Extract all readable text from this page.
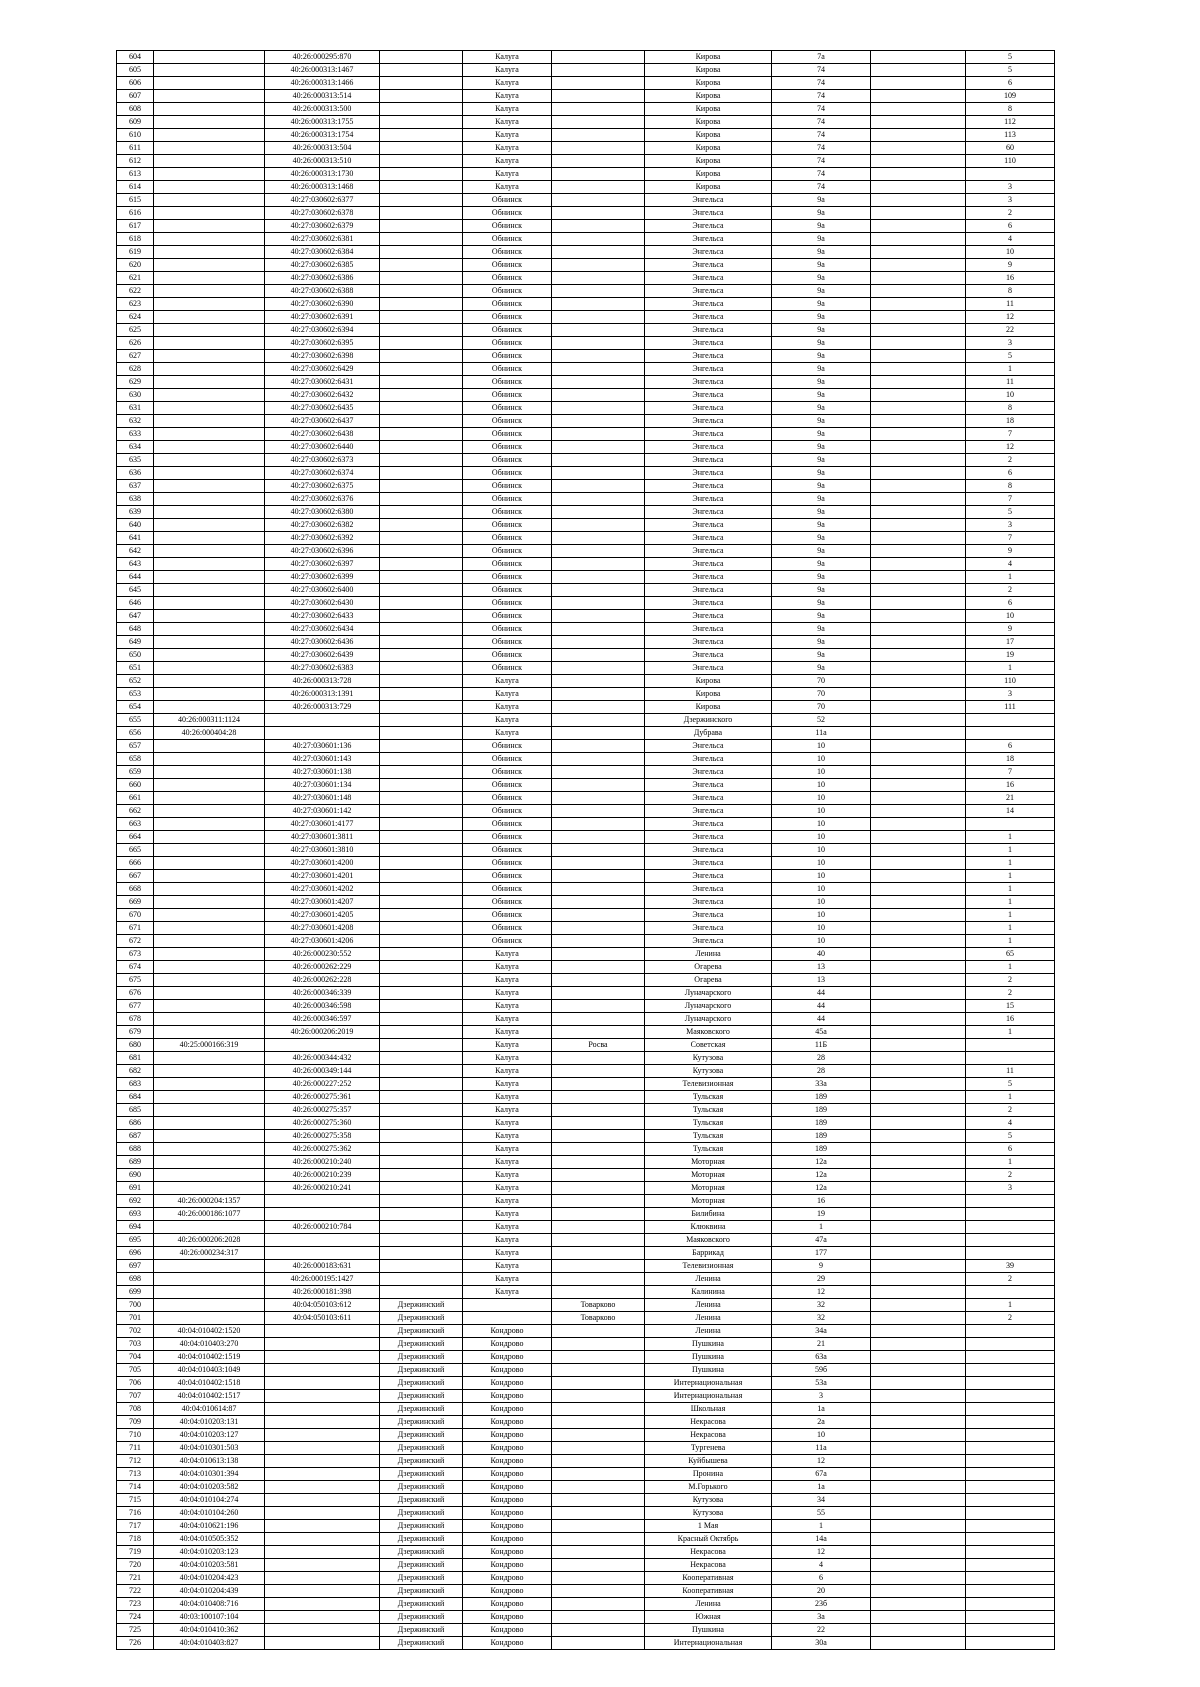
604		40:26:000295:870		Калуга		Кирова	7а		5
605		40:26:000313:1467		Калуга		Кирова	74		5
606		40:26:000313:1466		Калуга		Кирова	74		6
607		40:26:000313:514		Калуга		Кирова	74		109
608		40:26:000313:500		Калуга		Кирова	74		8
609		40:26:000313:1755		Калуга		Кирова	74		112
610		40:26:000313:1754		Калуга		Кирова	74		113
611		40:26:000313:504		Калуга		Кирова	74		60
612		40:26:000313:510		Калуга		Кирова	74		110
613		40:26:000313:1730		Калуга		Кирова	74		
614		40:26:000313:1468		Калуга		Кирова	74		3
615		40:27:030602:6377		Обнинск		Энгельса	9а		3
616		40:27:030602:6378		Обнинск		Энгельса	9а		2
617		40:27:030602:6379		Обнинск		Энгельса	9а		6
618		40:27:030602:6381		Обнинск		Энгельса	9а		4
619		40:27:030602:6384		Обнинск		Энгельса	9а		10
620		40:27:030602:6385		Обнинск		Энгельса	9а		9
621		40:27:030602:6386		Обнинск		Энгельса	9а		16
622		40:27:030602:6388		Обнинск		Энгельса	9а		8
623		40:27:030602:6390		Обнинск		Энгельса	9а		11
624		40:27:030602:6391		Обнинск		Энгельса	9а		12
625		40:27:030602:6394		Обнинск		Энгельса	9а		22
626		40:27:030602:6395		Обнинск		Энгельса	9а		3
627		40:27:030602:6398		Обнинск		Энгельса	9а		5
628		40:27:030602:6429		Обнинск		Энгельса	9а		1
629		40:27:030602:6431		Обнинск		Энгельса	9а		11
630		40:27:030602:6432		Обнинск		Энгельса	9а		10
631		40:27:030602:6435		Обнинск		Энгельса	9а		8
632		40:27:030602:6437		Обнинск		Энгельса	9а		18
633		40:27:030602:6438		Обнинск		Энгельса	9а		7
634		40:27:030602:6440		Обнинск		Энгельса	9а		12
635		40:27:030602:6373		Обнинск		Энгельса	9а		2
636		40:27:030602:6374		Обнинск		Энгельса	9а		6
637		40:27:030602:6375		Обнинск		Энгельса	9а		8
638		40:27:030602:6376		Обнинск		Энгельса	9а		7
639		40:27:030602:6380		Обнинск		Энгельса	9а		5
640		40:27:030602:6382		Обнинск		Энгельса	9а		3
641		40:27:030602:6392		Обнинск		Энгельса	9а		7
642		40:27:030602:6396		Обнинск		Энгельса	9а		9
643		40:27:030602:6397		Обнинск		Энгельса	9а		4
644		40:27:030602:6399		Обнинск		Энгельса	9а		1
645		40:27:030602:6400		Обнинск		Энгельса	9а		2
646		40:27:030602:6430		Обнинск		Энгельса	9а		6
647		40:27:030602:6433		Обнинск		Энгельса	9а		10
648		40:27:030602:6434		Обнинск		Энгельса	9а		9
649		40:27:030602:6436		Обнинск		Энгельса	9а		17
650		40:27:030602:6439		Обнинск		Энгельса	9а		19
651		40:27:030602:6383		Обнинск		Энгельса	9а		1
652		40:26:000313:728		Калуга		Кирова	70		110
653		40:26:000313:1391		Калуга		Кирова	70		3
654		40:26:000313:729		Калуга		Кирова	70		111
655	40:26:000311:1124			Калуга		Дзержинского	52		
656	40:26:000404:28			Калуга		Дубрава	11а		
657		40:27:030601:136		Обнинск		Энгельса	10		6
658		40:27:030601:143		Обнинск		Энгельса	10		18
659		40:27:030601:138		Обнинск		Энгельса	10		7
660		40:27:030601:134		Обнинск		Энгельса	10		16
661		40:27:030601:148		Обнинск		Энгельса	10		21
662		40:27:030601:142		Обнинск		Энгельса	10		14
663		40:27:030601:4177		Обнинск		Энгельса	10		
664		40:27:030601:3811		Обнинск		Энгельса	10		1
665		40:27:030601:3810		Обнинск		Энгельса	10		1
666		40:27:030601:4200		Обнинск		Энгельса	10		1
667		40:27:030601:4201		Обнинск		Энгельса	10		1
668		40:27:030601:4202		Обнинск		Энгельса	10		1
669		40:27:030601:4207		Обнинск		Энгельса	10		1
670		40:27:030601:4205		Обнинск		Энгельса	10		1
671		40:27:030601:4208		Обнинск		Энгельса	10		1
672		40:27:030601:4206		Обнинск		Энгельса	10		1
673		40:26:000230:552		Калуга		Ленина	40		65
674		40:26:000262:229		Калуга		Огарева	13		1
675		40:26:000262:228		Калуга		Огарева	13		2
676		40:26:000346:339		Калуга		Луначарского	44		2
677		40:26:000346:598		Калуга		Луначарского	44		15
678		40:26:000346:597		Калуга		Луначарского	44		16
679		40:26:000206:2019		Калуга		Маяковского	45а		1
680	40:25:000166:319			Калуга	Росва	Советская	11Б		
681		40:26:000344:432		Калуга		Кутузова	28		
682		40:26:000349:144		Калуга		Кутузова	28		11
683		40:26:000227:252		Калуга		Телевизионная	33а		5
684		40:26:000275:361		Калуга		Тульская	189		1
685		40:26:000275:357		Калуга		Тульская	189		2
686		40:26:000275:360		Калуга		Тульская	189		4
687		40:26:000275:358		Калуга		Тульская	189		5
688		40:26:000275:362		Калуга		Тульская	189		6
689		40:26:000210:240		Калуга		Моторная	12а		1
690		40:26:000210:239		Калуга		Моторная	12а		2
691		40:26:000210:241		Калуга		Моторная	12а		3
692	40:26:000204:1357			Калуга		Моторная	16		
693	40:26:000186:1077			Калуга		Билибина	19		
694		40:26:000210:784		Калуга		Клюквина	1		
695	40:26:000206:2028			Калуга		Маяковского	47а		
696	40:26:000234:317			Калуга		Баррикад	177		
697		40:26:000183:631		Калуга		Телевизионная	9		39
698		40:26:000195:1427		Калуга		Ленина	29		2
699		40:26:000181:398		Калуга		Калинина	12		
700		40:04:050103:612	Дзержинский		Товарково	Ленина	32		1
701		40:04:050103:611	Дзержинский		Товарково	Ленина	32		2
702	40:04:010402:1520		Дзержинский	Кондрово		Ленина	34а		
703	40:04:010403:270		Дзержинский	Кондрово		Пушкина	21		
704	40:04:010402:1519		Дзержинский	Кондрово		Пушкина	63а		
705	40:04:010403:1049		Дзержинский	Кондрово		Пушкина	59б		
706	40:04:010402:1518		Дзержинский	Кондрово		Интернациональная	53а		
707	40:04:010402:1517		Дзержинский	Кондрово		Интернациональная	3		
708	40:04:010614:87		Дзержинский	Кондрово		Школьная	1а		
709	40:04:010203:131		Дзержинский	Кондрово		Некрасова	2а		
710	40:04:010203:127		Дзержинский	Кондрово		Некрасова	10		
711	40:04:010301:503		Дзержинский	Кондрово		Тургенева	11а		
712	40:04:010613:138		Дзержинский	Кондрово		Куйбышева	12		
713	40:04:010301:394		Дзержинский	Кондрово		Пронина	67а		
714	40:04:010203:582		Дзержинский	Кондрово		М.Горького	1а		
715	40:04:010104:274		Дзержинский	Кондрово		Кутузова	34		
716	40:04:010104:260		Дзержинский	Кондрово		Кутузова	55		
717	40:04:010621:196		Дзержинский	Кондрово		1 Мая	1		
718	40:04:010505:352		Дзержинский	Кондрово		Красный Октябрь	14а		
719	40:04:010203:123		Дзержинский	Кондрово		Некрасова	12		
720	40:04:010203:581		Дзержинский	Кондрово		Некрасова	4		
721	40:04:010204:423		Дзержинский	Кондрово		Кооперативная	6		
722	40:04:010204:439		Дзержинский	Кондрово		Кооперативная	20		
723	40:04:010408:716		Дзержинский	Кондрово		Ленина	23б		
724	40:03:100107:104		Дзержинский	Кондрово		Южная	3а		
725	40:04:010410:362		Дзержинский	Кондрово		Пушкина	22		
726	40:04:010403:827		Дзержинский	Кондрово		Интернациональная	30а		
